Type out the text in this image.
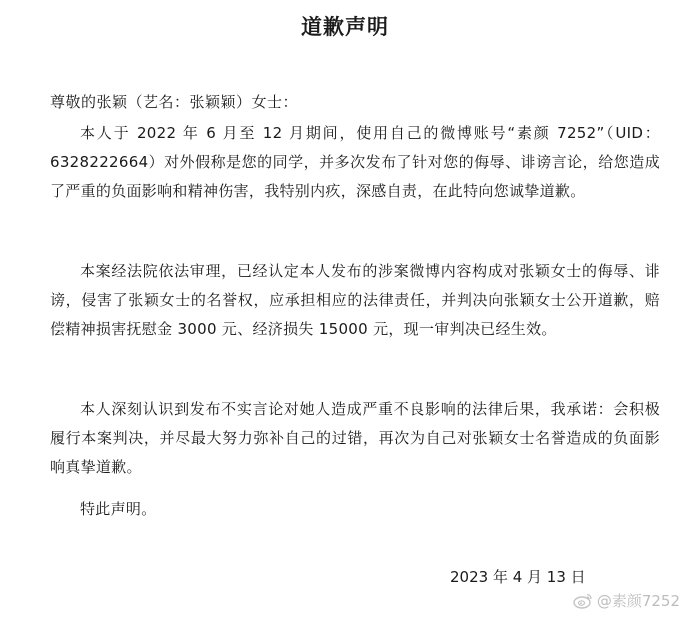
道歉声明
尊敬的张颖（艺名：张颖颖）女士：
本人于 2022 年 6 月至 12 月期间，使用自己的微博账号“素颜 7252”（UID：6328222664）对外假称是您的同学，并多次发布了针对您的侮辱、诽谤言论，给您造成了严重的负面影响和精神伤害，我特别内疚，深感自责，在此特向您诚挚道歉。
本案经法院依法审理，已经认定本人发布的涉案微博内容构成对张颖女士的侮辱、诽谤，侵害了张颖女士的名誉权，应承担相应的法律责任，并判决向张颖女士公开道歉，赔偿精神损害抚慰金 3000 元、经济损失 15000 元，现一审判决已经生效。
本人深刻认识到发布不实言论对她人造成严重不良影响的法律后果，我承诺：会积极履行本案判决，并尽最大努力弥补自己的过错，再次为自己对张颖女士名誉造成的负面影响真挚道歉。
特此声明。
2023 年 4 月 13 日
@素颜7252
